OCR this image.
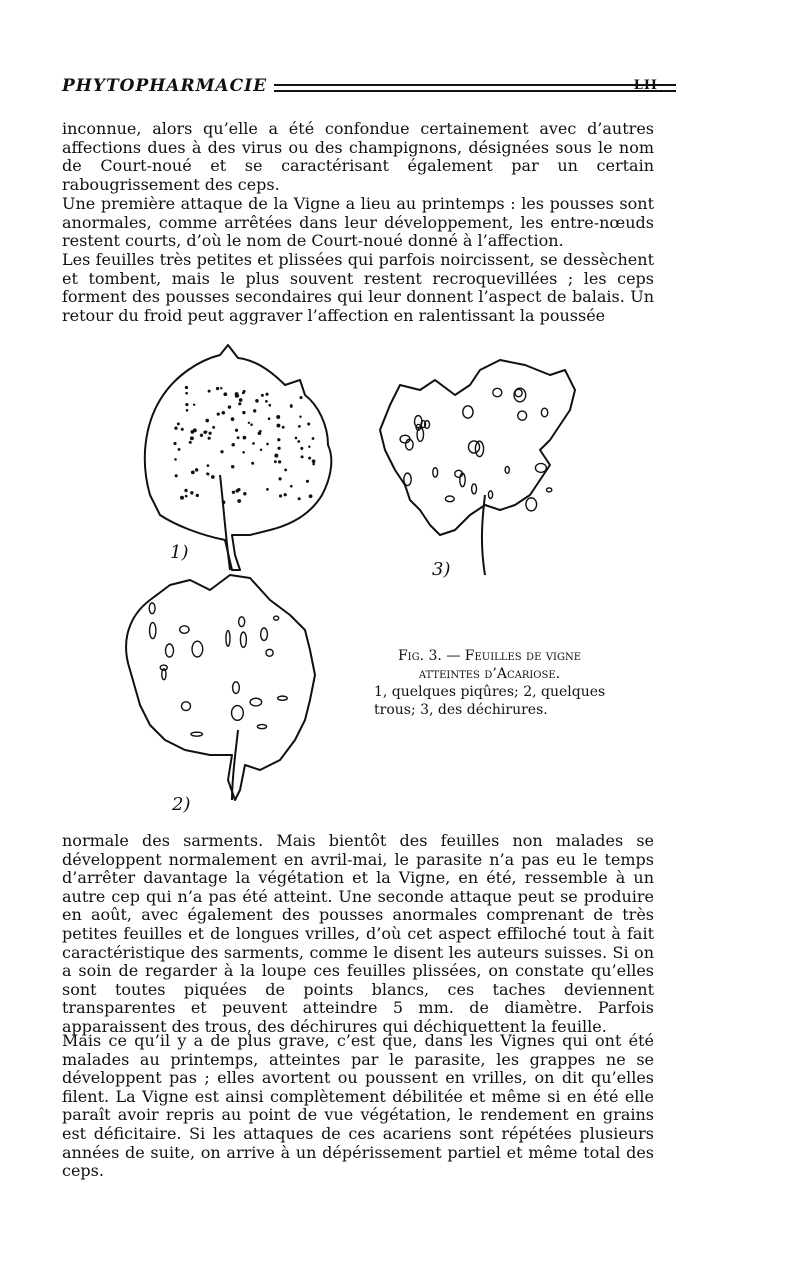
PHYTOPHARMACIE	LII

inconnue, alors qu’elle a été confondue certainement avec d’autres affections dues à des virus ou des champignons, désignées sous le nom de Court-noué et se caractérisant également par un certain rabougrissement des ceps.

Une première attaque de la Vigne a lieu au printemps : les pousses sont anormales, comme arrêtées dans leur développement, les entre-nœuds restent courts, d’où le nom de Court-noué donné à l’affection.

Les feuilles très petites et plissées qui parfois noircissent, se dessèchent et tombent, mais le plus souvent restent recroquevillées ; les ceps forment des pousses secondaires qui leur donnent l’aspect de balais. Un retour du froid peut aggraver l’affection en ralentissant la poussée

1)
3)
2)
Fig. 3. — Feuilles de vigne atteintes d’Acariose.
1, quelques piqûres; 2, quelques trous; 3, des déchirures.

normale des sarments. Mais bientôt des feuilles non malades se développent normalement en avril-mai, le parasite n’a pas eu le temps d’arrêter davantage la végétation et la Vigne, en été, ressemble à un autre cep qui n’a pas été atteint. Une seconde attaque peut se produire en août, avec également des pousses anormales comprenant de très petites feuilles et de longues vrilles, d’où cet aspect effiloché tout à fait caractéristique des sarments, comme le disent les auteurs suisses. Si on a soin de regarder à la loupe ces feuilles plissées, on constate qu’elles sont toutes piquées de points blancs, ces taches deviennent transparentes et peuvent atteindre 5 mm. de diamètre. Parfois apparaissent des trous, des déchirures qui déchiquettent la feuille.

Mais ce qu’il y a de plus grave, c’est que, dans les Vignes qui ont été malades au printemps, atteintes par le parasite, les grappes ne se développent pas ; elles avortent ou poussent en vrilles, on dit qu’elles filent. La Vigne est ainsi complètement débilitée et même si en été elle paraît avoir repris au point de vue végétation, le rendement en grains est déficitaire. Si les attaques de ces acariens sont répétées plusieurs années de suite, on arrive à un dépérissement partiel et même total des ceps.
